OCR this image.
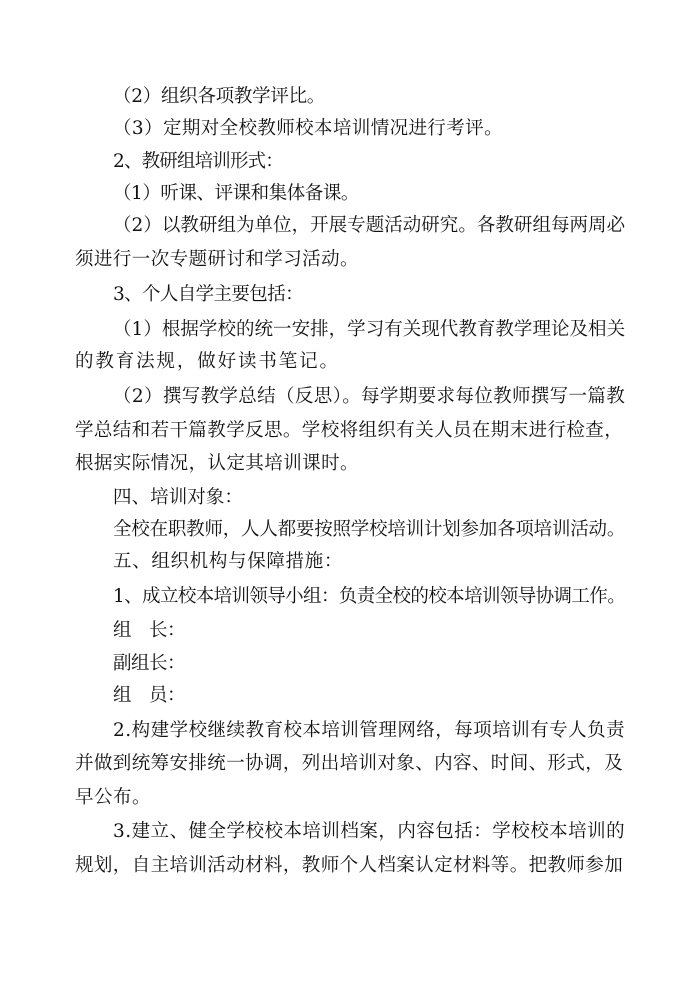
（2）组织各项教学评比。
（3）定期对全校教师校本培训情况进行考评。
2、教研组培训形式：
（1）听课、评课和集体备课。
（2）以教研组为单位，开展专题活动研究。各教研组每两周必
须进行一次专题研讨和学习活动。
3、个人自学主要包括：
（1）根据学校的统一安排，学习有关现代教育教学理论及相关
的教育法规，做好读书笔记。
（2）撰写教学总结（反思）。每学期要求每位教师撰写一篇教
学总结和若干篇教学反思。学校将组织有关人员在期末进行检查，
根据实际情况，认定其培训课时。
四、培训对象：
全校在职教师，人人都要按照学校培训计划参加各项培训活动。
五、组织机构与保障措施：
1、成立校本培训领导小组：负责全校的校本培训领导协调工作。
组　长：
副组长：
组　员：
2.构建学校继续教育校本培训管理网络，每项培训有专人负责
并做到统筹安排统一协调，列出培训对象、内容、时间、形式，及
早公布。
3.建立、健全学校校本培训档案，内容包括：学校校本培训的
规划，自主培训活动材料，教师个人档案认定材料等。把教师参加
